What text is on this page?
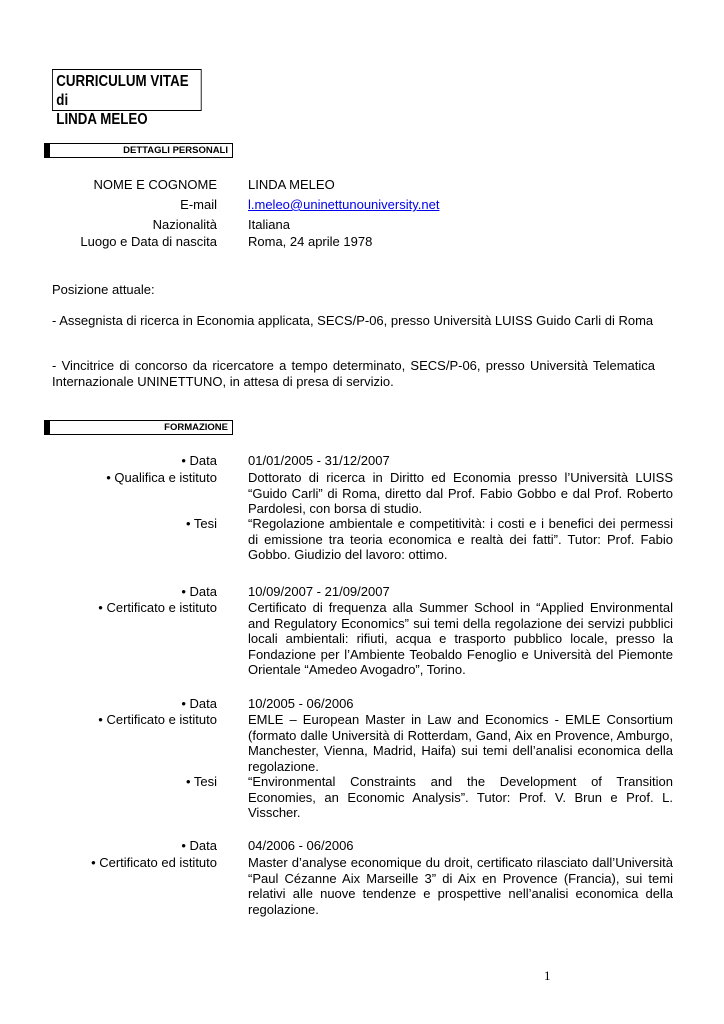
CURRICULUM VITAE di
LINDA MELEO
DETTAGLI PERSONALI
NOME E COGNOME LINDA MELEO
E-mail l.meleo@uninettunouniversity.net
Nazionalità Italiana
Luogo e Data di nascita Roma, 24 aprile 1978
Posizione attuale:
- Assegnista di ricerca in Economia applicata, SECS/P-06, presso Università LUISS Guido Carli di Roma
- Vincitrice di concorso da ricercatore a tempo determinato, SECS/P-06, presso Università Telematica Internazionale UNINETTUNO, in attesa di presa di servizio.
FORMAZIONE
• Data 01/01/2005 - 31/12/2007
• Qualifica e istituto Dottorato di ricerca in Diritto ed Economia presso l’Università LUISS “Guido Carli” di Roma, diretto dal Prof. Fabio Gobbo e dal Prof. Roberto Pardolesi, con borsa di studio.
• Tesi “Regolazione ambientale e competitività: i costi e i benefici dei permessi di emissione tra teoria economica e realtà dei fatti”. Tutor: Prof. Fabio Gobbo. Giudizio del lavoro: ottimo.
• Data 10/09/2007 - 21/09/2007
• Certificato e istituto Certificato di frequenza alla Summer School in “Applied Environmental and Regulatory Economics” sui temi della regolazione dei servizi pubblici locali ambientali: rifiuti, acqua e trasporto pubblico locale, presso la Fondazione per l’Ambiente Teobaldo Fenoglio e Università del Piemonte Orientale “Amedeo Avogadro”, Torino.
• Data 10/2005 - 06/2006
• Certificato e istituto EMLE – European Master in Law and Economics - EMLE Consortium (formato dalle Università di Rotterdam, Gand, Aix en Provence, Amburgo, Manchester, Vienna, Madrid, Haifa) sui temi dell’analisi economica della regolazione.
• Tesi “Environmental Constraints and the Development of Transition Economies, an Economic Analysis”. Tutor: Prof. V. Brun e Prof. L. Visscher.
• Data 04/2006 - 06/2006
• Certificato ed istituto Master d’analyse economique du droit, certificato rilasciato dall’Università “Paul Cézanne Aix Marseille 3” di Aix en Provence (Francia), sui temi relativi alle nuove tendenze e prospettive nell’analisi economica della regolazione.
1
